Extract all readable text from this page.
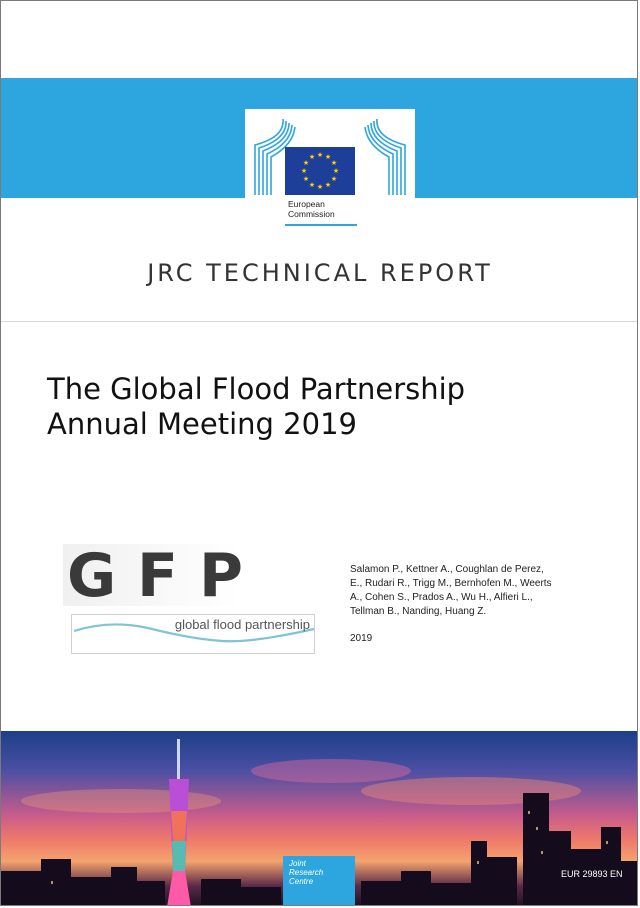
★ ★
★
★
★
★
★
★
★
★
★
★
European
Commission
JRC TECHNICAL REPORT
The Global Flood Partnership
Annual Meeting 2019
G F P
global flood partnership
Salamon P., Kettner A., Coughlan de Perez,
E., Rudari R., Trigg M., Bernhofen M., Weerts
A., Cohen S., Prados A., Wu H., Alfieri L.,
Tellman B., Nanding, Huang Z.
2019
Joint
Research
Centre
EUR 29893 EN
